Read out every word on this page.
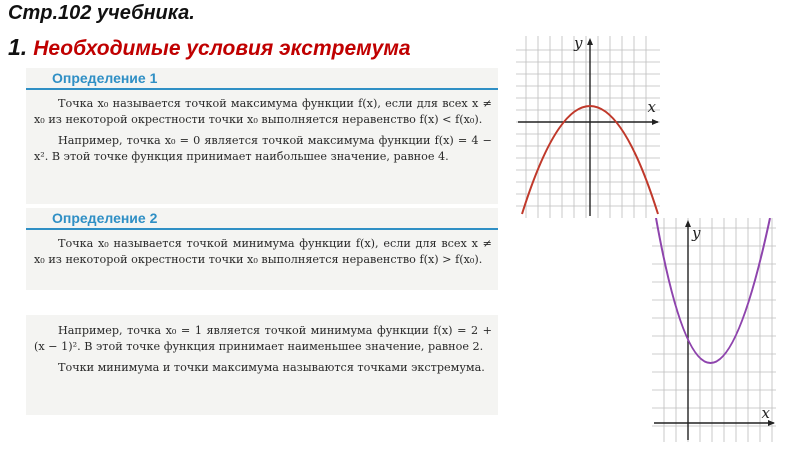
Стр.102 учебника.
1. Необходимые условия экстремума
Определение 1

Точка x₀ называется точкой максимума функции f(x), если для всех x ≠ x₀ из некоторой окрестности точки x₀ выполняется неравенство f(x) < f(x₀).

Например, точка x₀ = 0 является точкой максимума функции f(x) = 4 − x². В этой точке функция принимает наибольшее значение, равное 4.

Определение 2

Точка x₀ называется точкой минимума функции f(x), если для всех x ≠ x₀ из некоторой окрестности точки x₀ выполняется неравенство f(x) > f(x₀).

Например, точка x₀ = 1 является точкой минимума функции f(x) = 2 + (x − 1)². В этой точке функция принимает наименьшее значение, равное 2.

Точки минимума и точки максимума называются точками экстремума.

x
y
x
y
